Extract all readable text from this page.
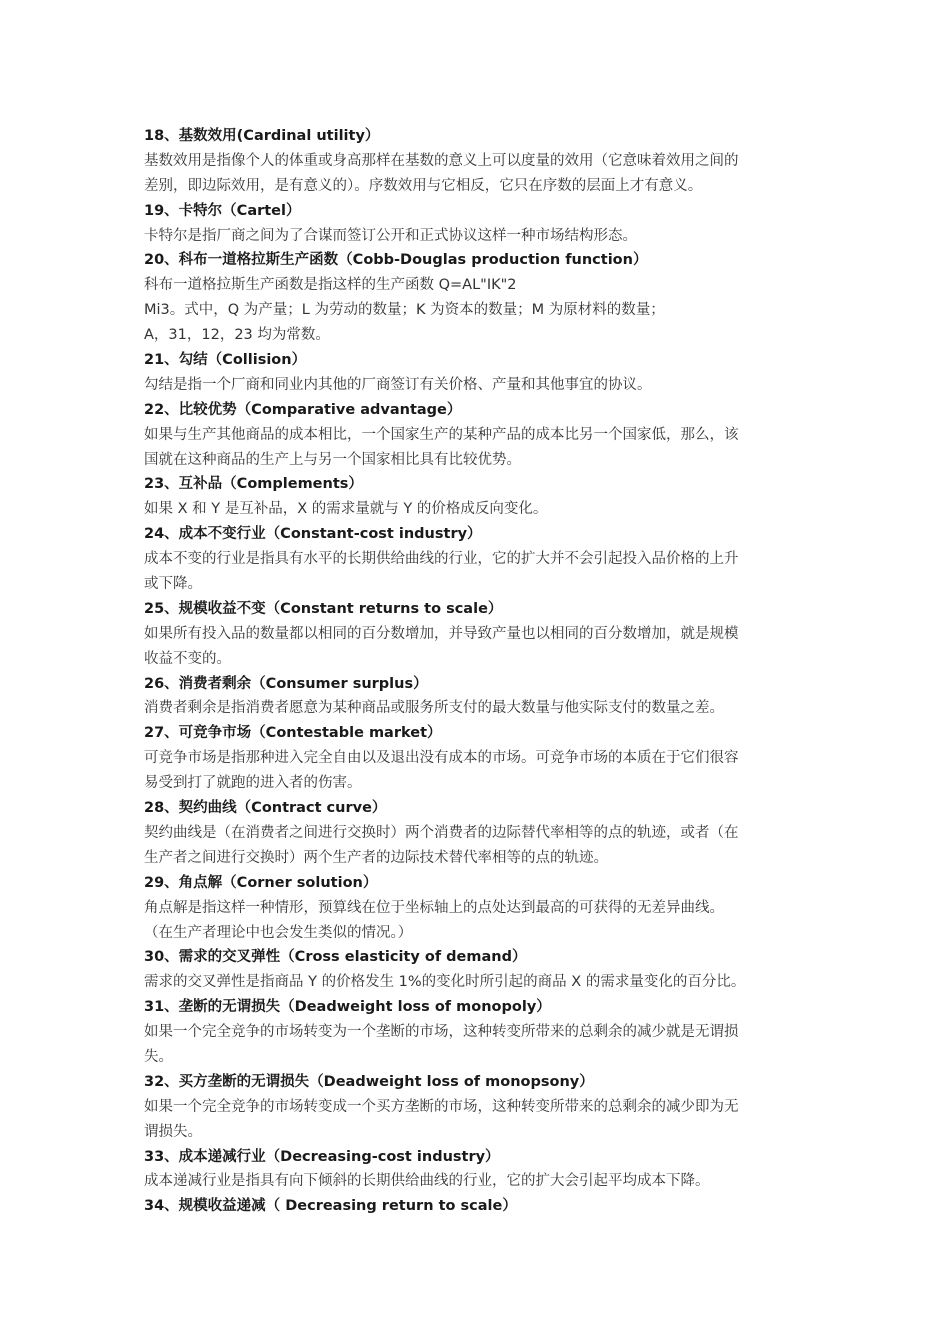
18、基数效用(Cardinal utility）
基数效用是指像个人的体重或身高那样在基数的意义上可以度量的效用（它意味着效用之间的
差别，即边际效用，是有意义的）。序数效用与它相反，它只在序数的层面上才有意义。
19、卡特尔（Cartel）
卡特尔是指厂商之间为了合谋而签订公开和正式协议这样一种市场结构形态。
20、科布一道格拉斯生产函数（Cobb-Douglas production function）
科布一道格拉斯生产函数是指这样的生产函数 Q=AL"IK"2
Mi3。式中，Q 为产量；L 为劳动的数量；K 为资本的数量；M 为原材料的数量；
A，31，12，23 均为常数。
21、勾结（Collision）
勾结是指一个厂商和同业内其他的厂商签订有关价格、产量和其他事宜的协议。
22、比较优势（Comparative advantage）
如果与生产其他商品的成本相比，一个国家生产的某种产品的成本比另一个国家低，那么，该
国就在这种商品的生产上与另一个国家相比具有比较优势。
23、互补品（Complements）
如果 X 和 Y 是互补品，X 的需求量就与 Y 的价格成反向变化。
24、成本不变行业（Constant-cost industry）
成本不变的行业是指具有水平的长期供给曲线的行业，它的扩大并不会引起投入品价格的上升
或下降。
25、规模收益不变（Constant returns to scale）
如果所有投入品的数量都以相同的百分数增加，并导致产量也以相同的百分数增加，就是规模
收益不变的。
26、消费者剩余（Consumer surplus）
消费者剩余是指消费者愿意为某种商品或服务所支付的最大数量与他实际支付的数量之差。
27、可竞争市场（Contestable market）
可竞争市场是指那种进入完全自由以及退出没有成本的市场。可竞争市场的本质在于它们很容
易受到打了就跑的进入者的伤害。
28、契约曲线（Contract curve）
契约曲线是（在消费者之间进行交换时）两个消费者的边际替代率相等的点的轨迹，或者（在
生产者之间进行交换时）两个生产者的边际技术替代率相等的点的轨迹。
29、角点解（Corner solution）
角点解是指这样一种情形，预算线在位于坐标轴上的点处达到最高的可获得的无差异曲线。
（在生产者理论中也会发生类似的情况。）
30、需求的交叉弹性（Cross elasticity of demand）
需求的交叉弹性是指商品 Y 的价格发生 1%的变化时所引起的商品 X 的需求量变化的百分比。
31、垄断的无谓损失（Deadweight loss of monopoly）
如果一个完全竞争的市场转变为一个垄断的市场，这种转变所带来的总剩余的减少就是无谓损
失。
32、买方垄断的无谓损失（Deadweight loss of monopsony）
如果一个完全竞争的市场转变成一个买方垄断的市场，这种转变所带来的总剩余的减少即为无
谓损失。
33、成本递减行业（Decreasing-cost industry）
成本递减行业是指具有向下倾斜的长期供给曲线的行业，它的扩大会引起平均成本下降。
34、规模收益递减（ Decreasing return to scale）
